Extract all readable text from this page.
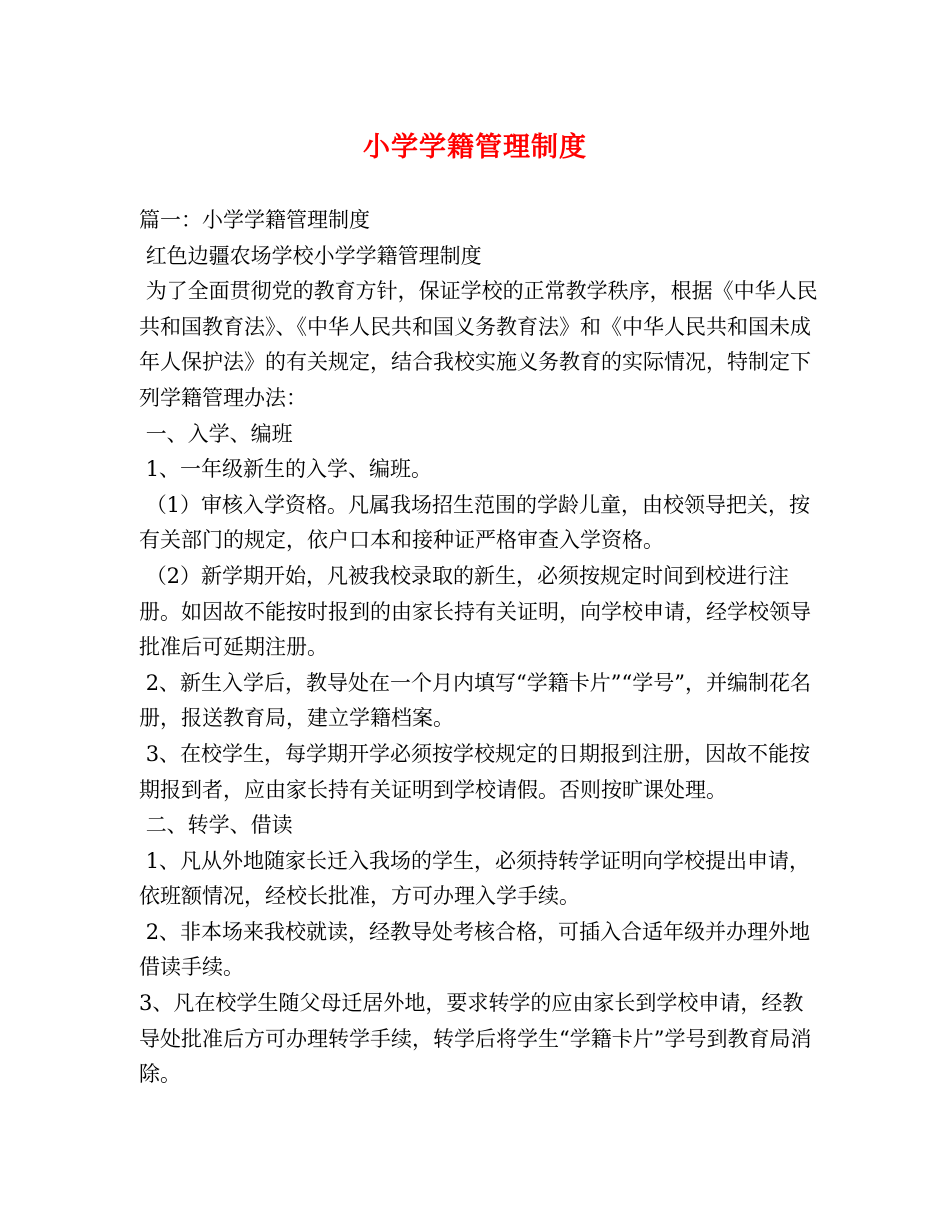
小学学籍管理制度

篇一：小学学籍管理制度

红色边疆农场学校小学学籍管理制度

为了全面贯彻党的教育方针，保证学校的正常教学秩序，根据《中华人民共和国教育法》、《中华人民共和国义务教育法》和《中华人民共和国未成年人保护法》的有关规定，结合我校实施义务教育的实际情况，特制定下列学籍管理办法：

一、入学、编班

1、一年级新生的入学、编班。

（1）审核入学资格。凡属我场招生范围的学龄儿童，由校领导把关，按有关部门的规定，依户口本和接种证严格审查入学资格。

（2）新学期开始，凡被我校录取的新生，必须按规定时间到校进行注册。如因故不能按时报到的由家长持有关证明，向学校申请，经学校领导批准后可延期注册。

2、新生入学后，教导处在一个月内填写“学籍卡片”“学号”，并编制花名册，报送教育局，建立学籍档案。

3、在校学生，每学期开学必须按学校规定的日期报到注册，因故不能按期报到者，应由家长持有关证明到学校请假。否则按旷课处理。

二、转学、借读

1、凡从外地随家长迁入我场的学生，必须持转学证明向学校提出申请，依班额情况，经校长批准，方可办理入学手续。

2、非本场来我校就读，经教导处考核合格，可插入合适年级并办理外地借读手续。

3、凡在校学生随父母迁居外地，要求转学的应由家长到学校申请，经教导处批准后方可办理转学手续，转学后将学生“学籍卡片”学号到教育局消除。
